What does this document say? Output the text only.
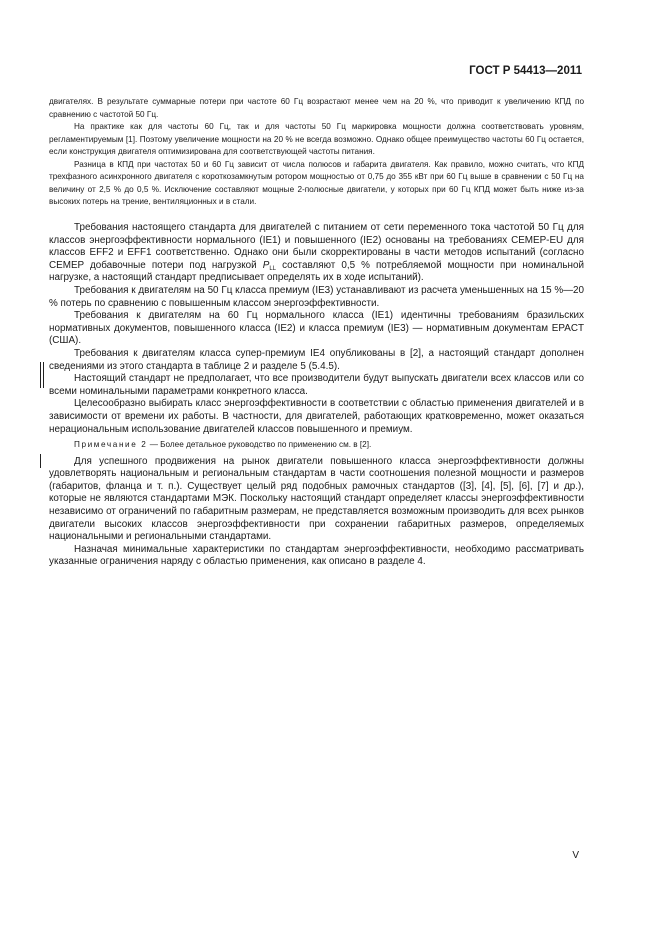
ГОСТ Р 54413—2011

двигателях. В результате суммарные потери при частоте 60 Гц возрастают менее чем на 20 %, что приводит к увеличению КПД по сравнению с частотой 50 Гц.

На практике как для частоты 60 Гц, так и для частоты 50 Гц маркировка мощности должна соответствовать уровням, регламентируемым [1]. Поэтому увеличение мощности на 20 % не всегда возможно. Однако общее преимущество частоты 60 Гц остается, если конструкция двигателя оптимизирована для соответствующей частоты питания.

Разница в КПД при частотах 50 и 60 Гц зависит от числа полюсов и габарита двигателя. Как правило, можно считать, что КПД трехфазного асинхронного двигателя с короткозамкнутым ротором мощностью от 0,75 до 355 кВт при 60 Гц выше в сравнении с 50 Гц на величину от 2,5 % до 0,5 %. Исключение составляют мощные 2-полюсные двигатели, у которых при 60 Гц КПД может быть ниже из-за высоких потерь на трение, вентиляционных и в стали.

Требования настоящего стандарта для двигателей с питанием от сети переменного тока частотой 50 Гц для классов энергоэффективности нормального (IE1) и повышенного (IE2) основаны на требованиях CEMEP-EU для классов EFF2 и EFF1 соответственно. Однако они были скорректированы в части методов испытаний (согласно CEMEP добавочные потери под нагрузкой $P_{LL}$ составляют 0,5 % потребляемой мощности при номинальной нагрузке, а настоящий стандарт предписывает определять их в ходе испытаний).

Требования к двигателям на 50 Гц класса премиум (IE3) устанавливают из расчета уменьшенных на 15 %—20 % потерь по сравнению с повышенным классом энергоэффективности.

Требования к двигателям на 60 Гц нормального класса (IE1) идентичны требованиям бразильских нормативных документов, повышенного класса (IE2) и класса премиум (IE3) — нормативным документам EPACT (США).

Требования к двигателям класса супер-премиум IE4 опубликованы в [2], а настоящий стандарт дополнен сведениями из этого стандарта в таблице 2 и разделе 5 (5.4.5).

Настоящий стандарт не предполагает, что все производители будут выпускать двигатели всех классов или со всеми номинальными параметрами конкретного класса.

Целесообразно выбирать класс энергоэффективности в соответствии с областью применения двигателей и в зависимости от времени их работы. В частности, для двигателей, работающих кратковременно, может оказаться нерациональным использование двигателей классов повышенного и премиум.

Примечание 2 — Более детальное руководство по применению см. в [2].

Для успешного продвижения на рынок двигатели повышенного класса энергоэффективности должны удовлетворять национальным и региональным стандартам в части соотношения полезной мощности и размеров (габаритов, фланца и т. п.). Существует целый ряд подобных рамочных стандартов ([3], [4], [5], [6], [7] и др.), которые не являются стандартами МЭК. Поскольку настоящий стандарт определяет классы энергоэффективности независимо от ограничений по габаритным размерам, не представляется возможным производить для всех рынков двигатели высоких классов энергоэффективности при сохранении габаритных размеров, определяемых национальными и региональными стандартами.

Назначая минимальные характеристики по стандартам энергоэффективности, необходимо рассматривать указанные ограничения наряду с областью применения, как описано в разделе 4.

V
